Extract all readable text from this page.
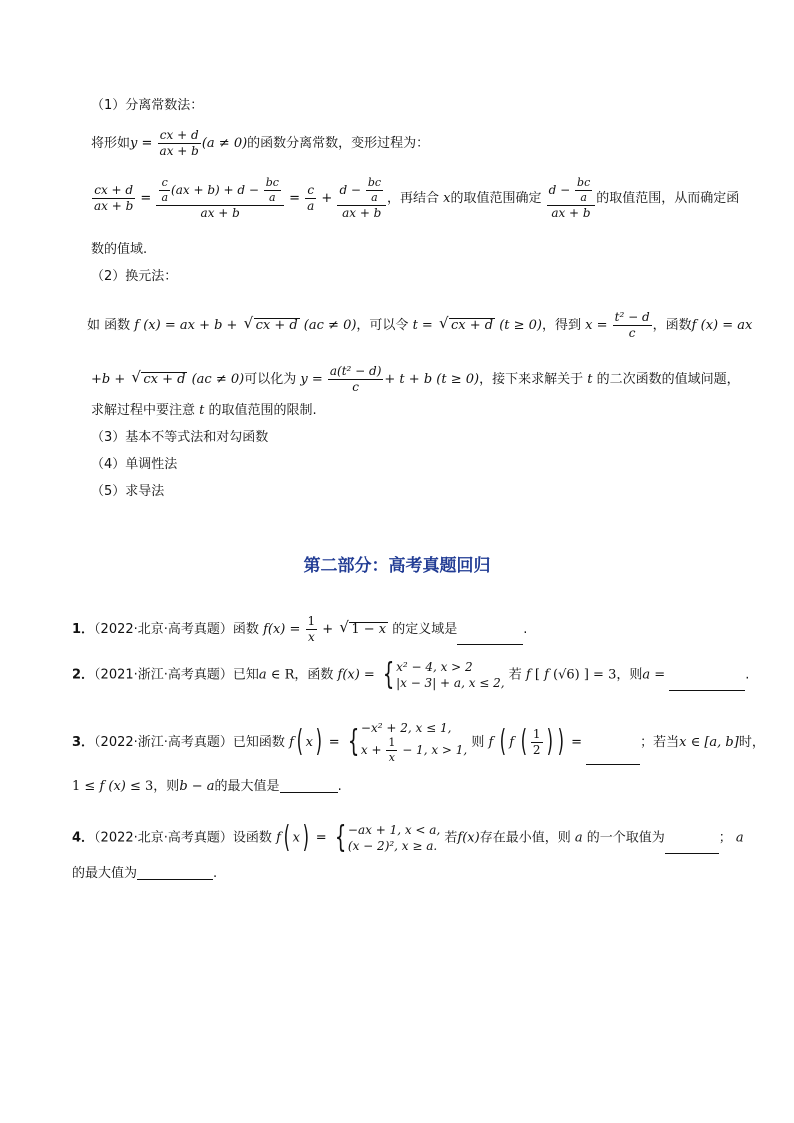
（1）分离常数法：
将形如$y = \frac{cx + d}{ax + b} (a \ne 0)$的函数分离常数，变形过程为：
$\frac{cx + d}{ax + b} = \frac{c}{a} (ax + b) + d - \frac{bc}{a}$
ax + b
= $\frac{c}{a}$ +
$d - \frac{bc}{a}$
ax + b
，再结合 x的取值范围确定
$d - \frac{bc}{a}$
ax + b
的取值范围，从而确定函
数的值域.
（2）换元法：
如 函数 f (x) = ax + b + √ cx + d (ac ≠ 0)，可以令 t = √ cx + d (t ≥ 0)，得到 $x = \frac{\text{t² − d}}{c}$ ，函数f (x) = ax
+b + √ cx + d (ac ≠ 0)可以化为 $y = \frac{\text{a(t² − d)}}{c} + t + b$ (t ≥ 0)，接下来求解关于 t 的二次函数的值域问题，
求解过程中要注意 t 的取值范围的限制.
（3）基本不等式法和对勾函数
（4）单调性法
（5）求导法
第二部分：高考真题回归
1．（2022·北京·高考真题）函数 $f(x) = \frac{1}{x}$ + √ 1 − x 的定义域是	.
2．（2021·浙江·高考真题）已知a ∈ R，函数 f(x) = { x² − 4, x > 2
|x − 3| + a, x ≤ 2, 若 f [ f (√6) ] = 3，则a =	.
3．（2022·浙江·高考真题）已知函数 f( x) = { −x² + 2, x ≤ 1,
$x + \frac{1}{x} - 1$, x > 1, 则 f ( f ( $\frac{1}{2}$ ) ) =	；若当x ∈ [a, b]时，
1 ≤ f (x) ≤ 3，则b − a的最大值是	.
4．（2022·北京·高考真题）设函数 f( x) = { −ax + 1, x < a,
(x − 2)², x ≥ a. 若f(x)存在最小值，则 a 的一个取值为	； a
的最大值为	.
